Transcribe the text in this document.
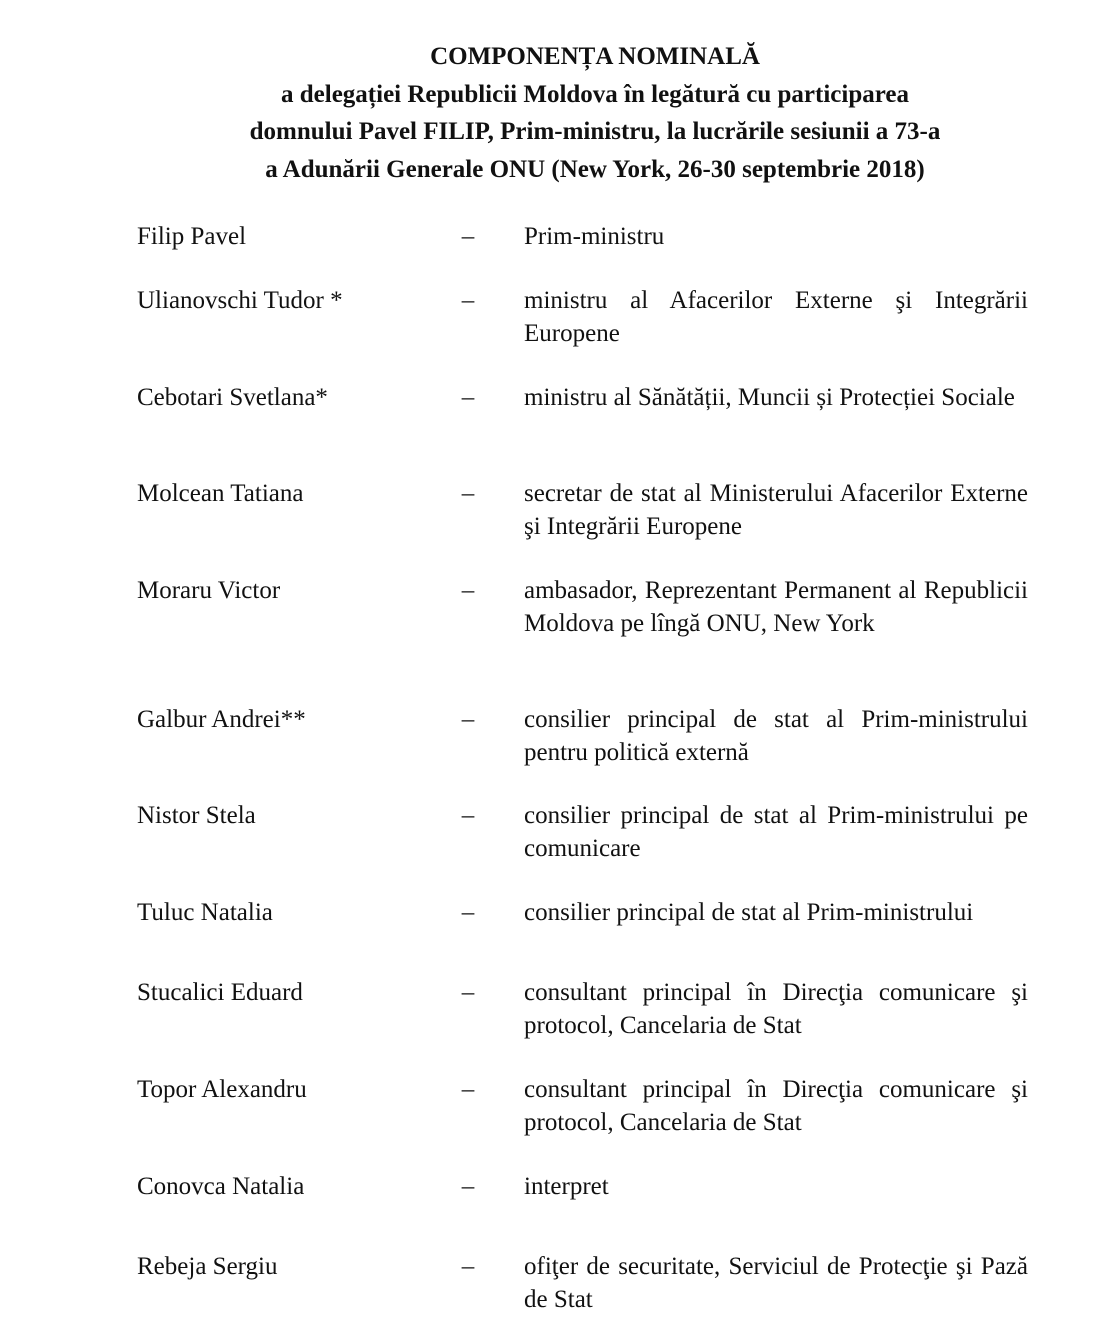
COMPONENȚA NOMINALĂ
a delegației Republicii Moldova în legătură cu participarea
domnului Pavel FILIP, Prim-ministru, la lucrările sesiunii a 73-a
a Adunării Generale ONU (New York, 26-30 septembrie 2018)
Filip Pavel	– Prim-ministru
Ulianovschi Tudor *	– ministru al Afacerilor Externe şi Integrării Europene
Cebotari Svetlana*	– ministru al Sănătății, Muncii și Protecției Sociale
Molcean Tatiana	– secretar de stat al Ministerului Afacerilor Externe şi Integrării Europene
Moraru Victor	– ambasador, Reprezentant Permanent al Republicii Moldova pe lîngă ONU, New York
Galbur Andrei**	– consilier principal de stat al Prim-ministrului pentru politică externă
Nistor Stela	– consilier principal de stat al Prim-ministrului pe comunicare
Tuluc Natalia	– consilier principal de stat al Prim-ministrului
Stucalici Eduard	– consultant principal în Direcţia comunicare şi protocol, Cancelaria de Stat
Topor Alexandru	– consultant principal în Direcţia comunicare şi protocol, Cancelaria de Stat
Conovca Natalia	– interpret
Rebeja Sergiu	– ofiţer de securitate, Serviciul de Protecţie şi Pază de Stat
